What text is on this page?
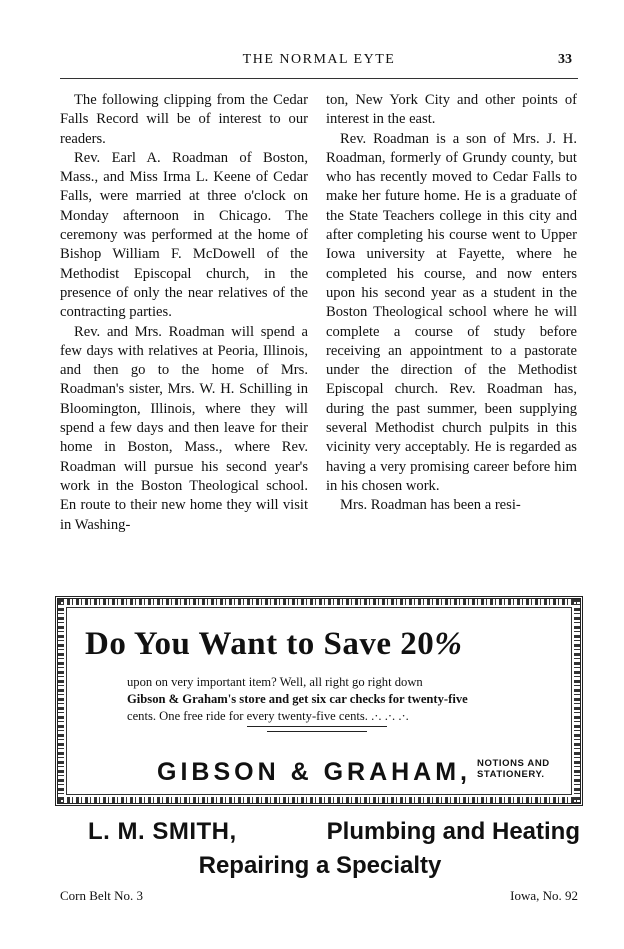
THE NORMAL EYTE	33

The following clipping from the Cedar Falls Record will be of interest to our readers.

Rev. Earl A. Roadman of Boston, Mass., and Miss Irma L. Keene of Cedar Falls, were married at three o'clock on Monday afternoon in Chicago. The ceremony was performed at the home of Bishop William F. McDowell of the Methodist Episcopal church, in the presence of only the near relatives of the contracting parties.

Rev. and Mrs. Roadman will spend a few days with relatives at Peoria, Illinois, and then go to the home of Mrs. Roadman's sister, Mrs. W. H. Schilling in Bloomington, Illinois, where they will spend a few days and then leave for their home in Boston, Mass., where Rev. Roadman will pursue his second year's work in the Boston Theological school. En route to their new home they will visit in Washing-

ton, New York City and other points of interest in the east.

Rev. Roadman is a son of Mrs. J. H. Roadman, formerly of Grundy county, but who has recently moved to Cedar Falls to make her future home. He is a graduate of the State Teachers college in this city and after completing his course went to Upper Iowa university at Fayette, where he completed his course, and now enters upon his second year as a student in the Boston Theological school where he will complete a course of study before receiving an appointment to a pastorate under the direction of the Methodist Episcopal church. Rev. Roadman has, during the past summer, been supplying several Methodist church pulpits in this vicinity very acceptably. He is regarded as having a very promising career before him in his chosen work.

Mrs. Roadman has been a resi-

Do You Want to Save 20%
upon on very important item? Well, all right go right down
Gibson & Graham's store and get six car checks for twenty-five
cents. One free ride for every twenty-five cents. .·. .·. .·.
GIBSON & GRAHAM, NOTIONS AND
STATIONERY.
L. M. SMITH,	Plumbing and Heating
Repairing a Specialty
Corn Belt No. 3	Iowa, No. 92
